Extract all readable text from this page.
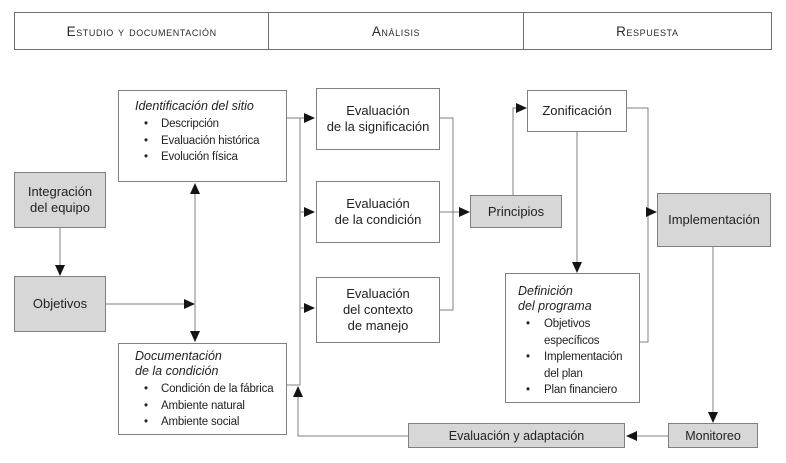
Estudio y documentación	Análisis	Respuesta
Integración
del equipo
Objetivos
Identificación del sitio
•	Descripción
•	Evaluación histórica
•	Evolución física
Documentación
de la condición
•	Condición de la fábrica
•	Ambiente natural
•	Ambiente social
Evaluación
de la significación
Evaluación
de la condición
Evaluación
del contexto
de manejo
Principios
Zonificación
Definición
del programa
•	Objetivos específicos
•	Implementación del plan
•	Plan financiero
Implementación
Monitoreo
Evaluación y adaptación
